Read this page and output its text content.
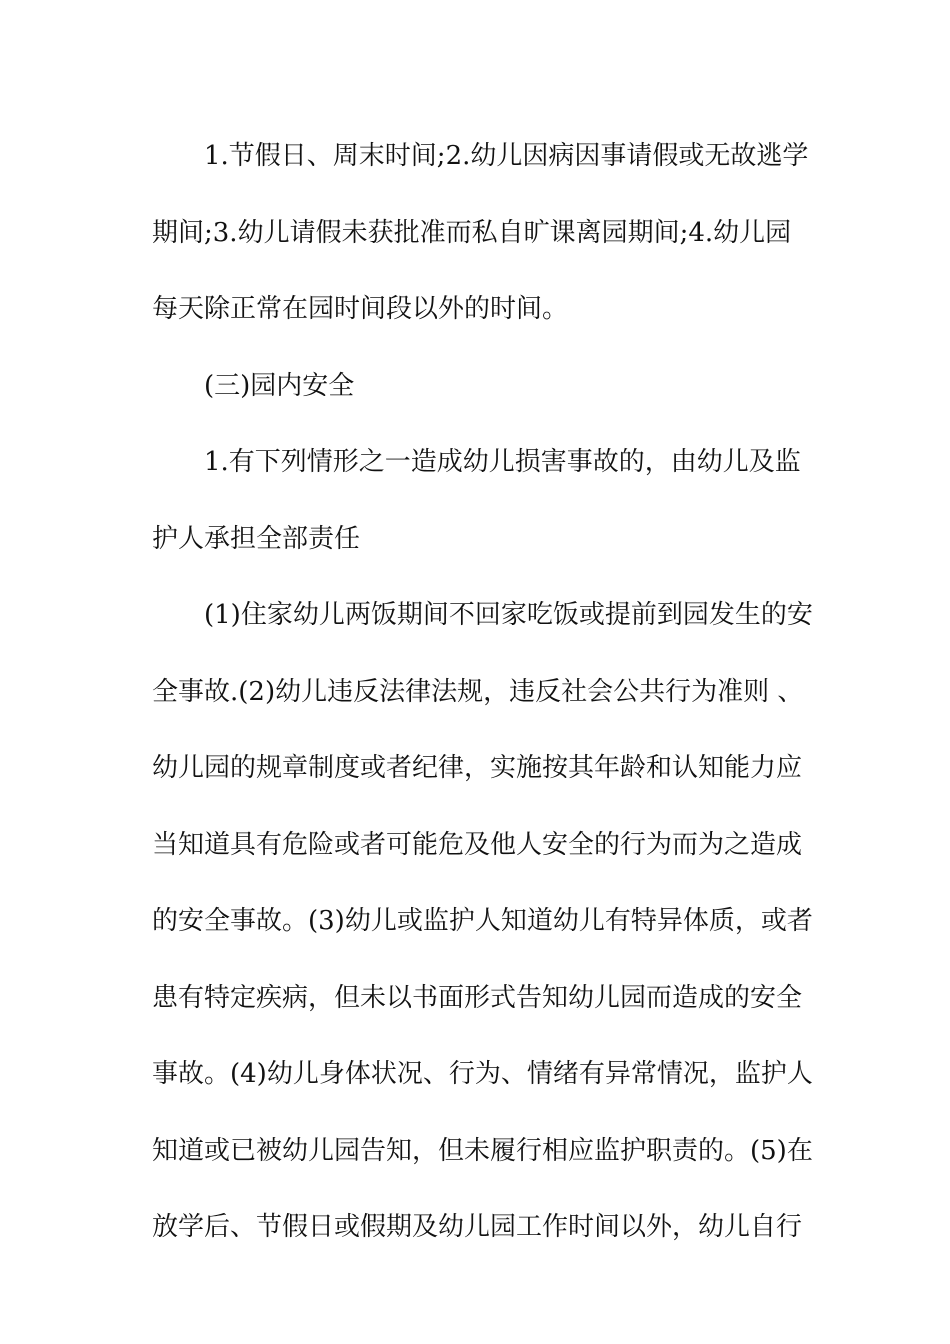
1.节假日、周末时间;2.幼儿因病因事请假或无故逃学
期间;3.幼儿请假未获批准而私自旷课离园期间;4.幼儿园
每天除正常在园时间段以外的时间。
(三)园内安全
1.有下列情形之一造成幼儿损害事故的，由幼儿及监
护人承担全部责任
(1)住家幼儿两饭期间不回家吃饭或提前到园发生的安
全事故.(2)幼儿违反法律法规，违反社会公共行为准则 、
幼儿园的规章制度或者纪律，实施按其年龄和认知能力应
当知道具有危险或者可能危及他人安全的行为而为之造成
的安全事故。(3)幼儿或监护人知道幼儿有特异体质，或者
患有特定疾病，但未以书面形式告知幼儿园而造成的安全
事故。(4)幼儿身体状况、行为、情绪有异常情况，监护人
知道或已被幼儿园告知，但未履行相应监护职责的。(5)在
放学后、节假日或假期及幼儿园工作时间以外，幼儿自行
